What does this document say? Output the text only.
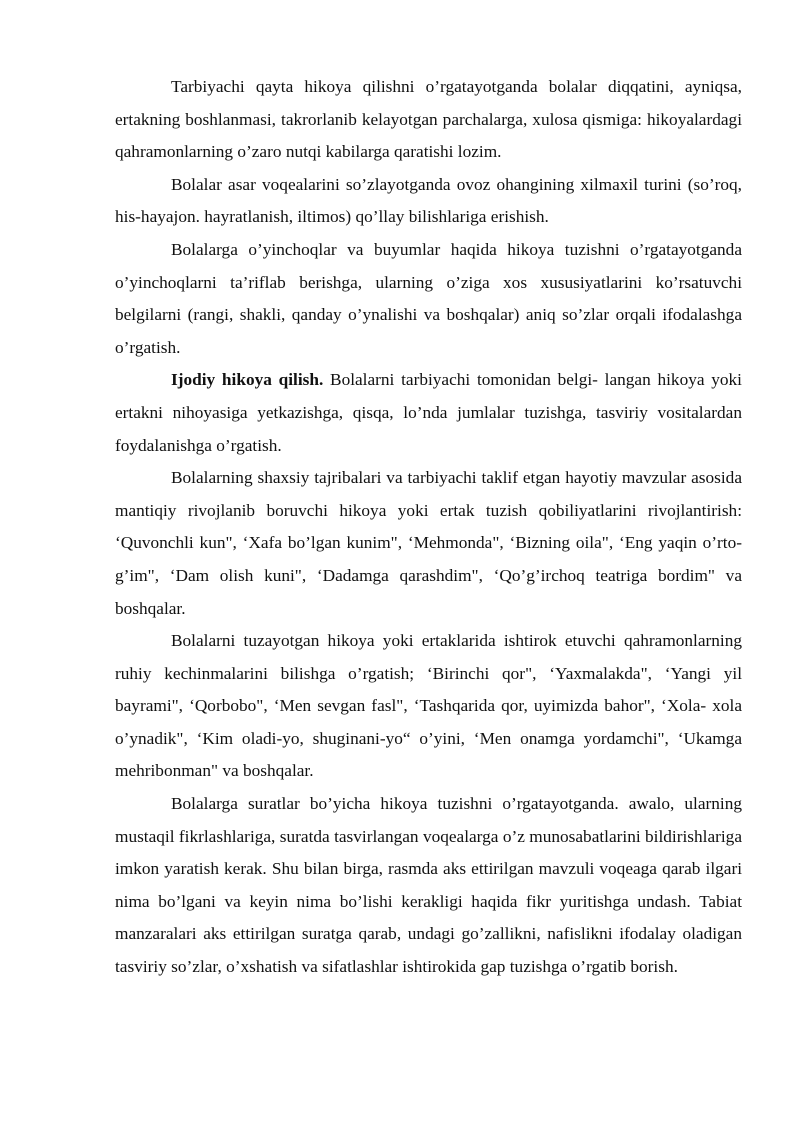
Tarbiyachi qayta hikoya qilishni o’rgatayotganda bolalar diqqatini, ayniqsa, ertakning boshlanmasi, takrorlanib kelayotgan parchalarga, xulosa qismiga: hikoyalardagi qahramonlarning o’zaro nutqi kabilarga qaratishi lozim.

Bolalar asar voqealarini so’zlayotganda ovoz ohangining xilmaxil turini (so’roq, his-hayajon. hayratlanish, iltimos) qo’llay bilishlariga erishish.

Bolalarga o’yinchoqlar va buyumlar haqida hikoya tuzishni o’rgatayotganda o’yinchoqlarni ta’riflab berishga, ularning o’ziga xos xususiyatlarini ko’rsatuvchi belgilarni (rangi, shakli, qanday o’ynalishi va boshqalar) aniq so’zlar orqali ifodalashga o’rgatish.

Ijodiy hikoya qilish. Bolalarni tarbiyachi tomonidan belgi- langan hikoya yoki ertakni nihoyasiga yetkazishga, qisqa, lo’nda jumlalar tuzishga, tasviriy vositalardan foydalanishga o’rgatish.

Bolalarning shaxsiy tajribalari va tarbiyachi taklif etgan hayotiy mavzular asosida mantiqiy rivojlanib boruvchi hikoya yoki ertak tuzish qobiliyatlarini rivojlantirish: ‘Quvonchli kun", ‘Xafa bo’lgan kunim", ‘Mehmonda", ‘Bizning oila", ‘Eng yaqin o’rto- g’im", ‘Dam olish kuni", ‘Dadamga qarashdim", ‘Qo’g’irchoq teatriga bordim" va boshqalar.

Bolalarni tuzayotgan hikoya yoki ertaklarida ishtirok etuvchi qahramonlarning ruhiy kechinmalarini bilishga o’rgatish; ‘Birinchi qor", ‘Yaxmalakda", ‘Yangi yil bayrami", ‘Qorbobo", ‘Men sevgan fasl", ‘Tashqarida qor, uyimizda bahor", ‘Xola- xola o’ynadik", ‘Kim oladi-yo, shuginani-yo“ o’yini, ‘Men onamga yordamchi", ‘Ukamga mehribonman" va boshqalar.

Bolalarga suratlar bo’yicha hikoya tuzishni o’rgatayotganda. awalo, ularning mustaqil fikrlashlariga, suratda tasvirlangan voqealarga o’z munosabatlarini bildirishlariga imkon yaratish kerak. Shu bilan birga, rasmda aks ettirilgan mavzuli voqeaga qarab ilgari nima bo’lgani va keyin nima bo’lishi kerakligi haqida fikr yuritishga undash. Tabiat manzaralari aks ettirilgan suratga qarab, undagi go’zallikni, nafislikni ifodalay oladigan tasviriy so’zlar, o’xshatish va sifatlashlar ishtirokida gap tuzishga o’rgatib borish.
